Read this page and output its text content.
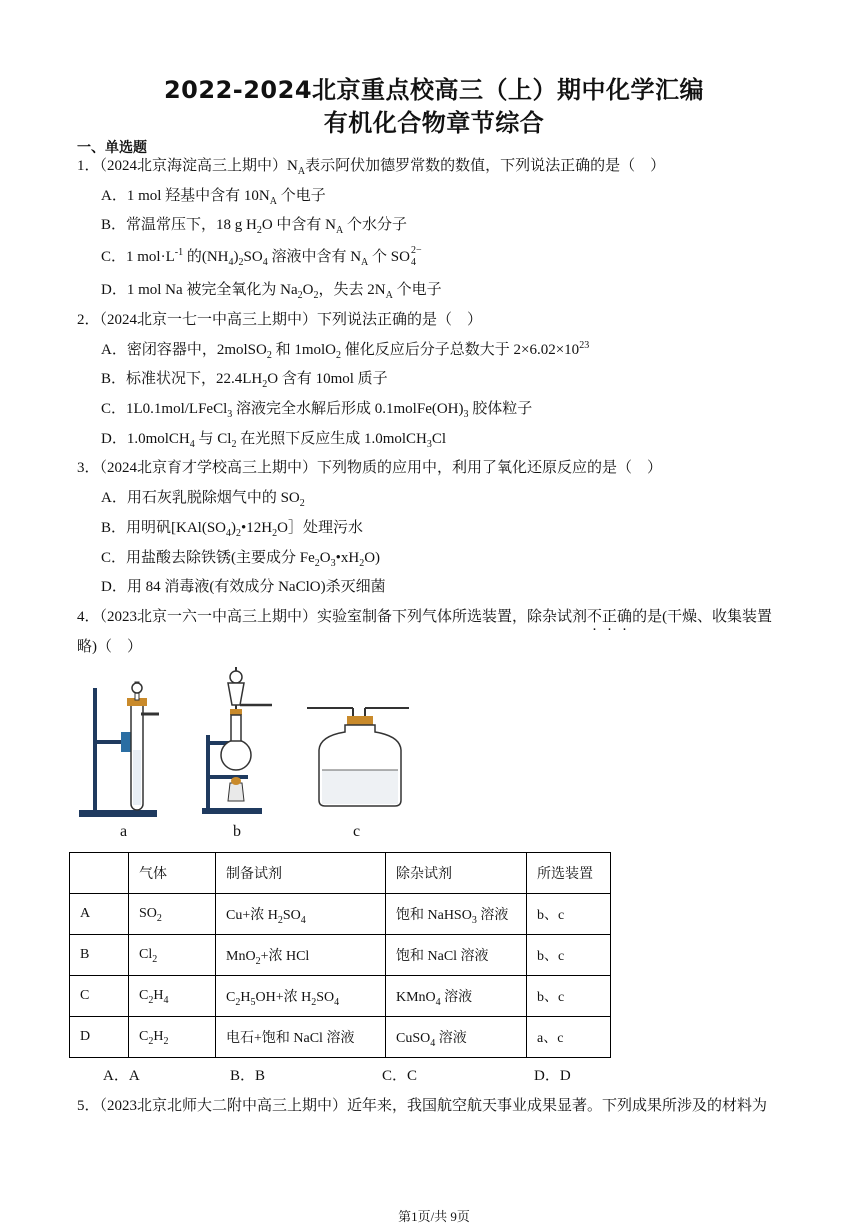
2022-2024北京重点校高三（上）期中化学汇编
有机化合物章节综合
一、单选题
1．（2024北京海淀高三上期中）$N_A$表示阿伏加德罗常数的数值，下列说法正确的是（　）
A．1 mol 羟基中含有 $10N_A$ 个电子
B．常温常压下，18 g $H_2O$ 中含有 $N_A$ 个水分子
C．1 $mol\cdot L^{-1}$ 的$(NH_4)_2SO_4$ 溶液中含有 $N_A$ 个 SO 2−
4
D．1 mol Na 被完全氧化为 $Na_2O_2$，失去 $2N_A$ 个电子
2．（2024北京一七一中高三上期中）下列说法正确的是（　）
A．密闭容器中，2molSO$_2$ 和 1molO$_2$ 催化反应后分子总数大于 $2\times 6.02\times 10^{23}$
B．标准状况下，$22.4LH_2O$ 含有 10mol 质子
C．1L0.1mol/LFeCl$_3$ 溶液完全水解后形成 $0.1molFe(OH)_3$ 胶体粒子
D．1.0molCH$_4$ 与 $Cl_2$ 在光照下反应生成 1.0molCH$_3$Cl
3．（2024北京育才学校高三上期中）下列物质的应用中，利用了氧化还原反应的是（　）
A．用石灰乳脱除烟气中的 $SO_2$
B．用明矾[$KAl(SO_4)_2•12H_2O]$处理污水
C．用盐酸去除铁锈(主要成分 $Fe_2O_3•xH_2O$)
D．用 84 消毒液(有效成分 NaClO)杀灭细菌
4．（2023北京一六一中高三上期中）实验室制备下列气体所选装置，除杂试剂不正确的是(干燥、收集装置
略)（　）
a	b	c
	气体	制备试剂	除杂试剂	所选装置
A	$SO_2$	Cu+浓 $H_2SO_4$	饱和 NaHSO$_3$ 溶液	b、c
B	$Cl_2$	MnO$_2$+浓 HCl	饱和 NaCl 溶液	b、c
C	$C_2H_4$	$C_2H_5OH+$浓 $H_2SO_4$	KMnO$_4$ 溶液	b、c
D	$C_2H_2$	电石+饱和 NaCl 溶液	CuSO$_4$ 溶液	a、c
A．A	B．B	C．C	D．D
5．（2023北京北师大二附中高三上期中）近年来，我国航空航天事业成果显著。下列成果所涉及的材料为
第1页/共 9页
